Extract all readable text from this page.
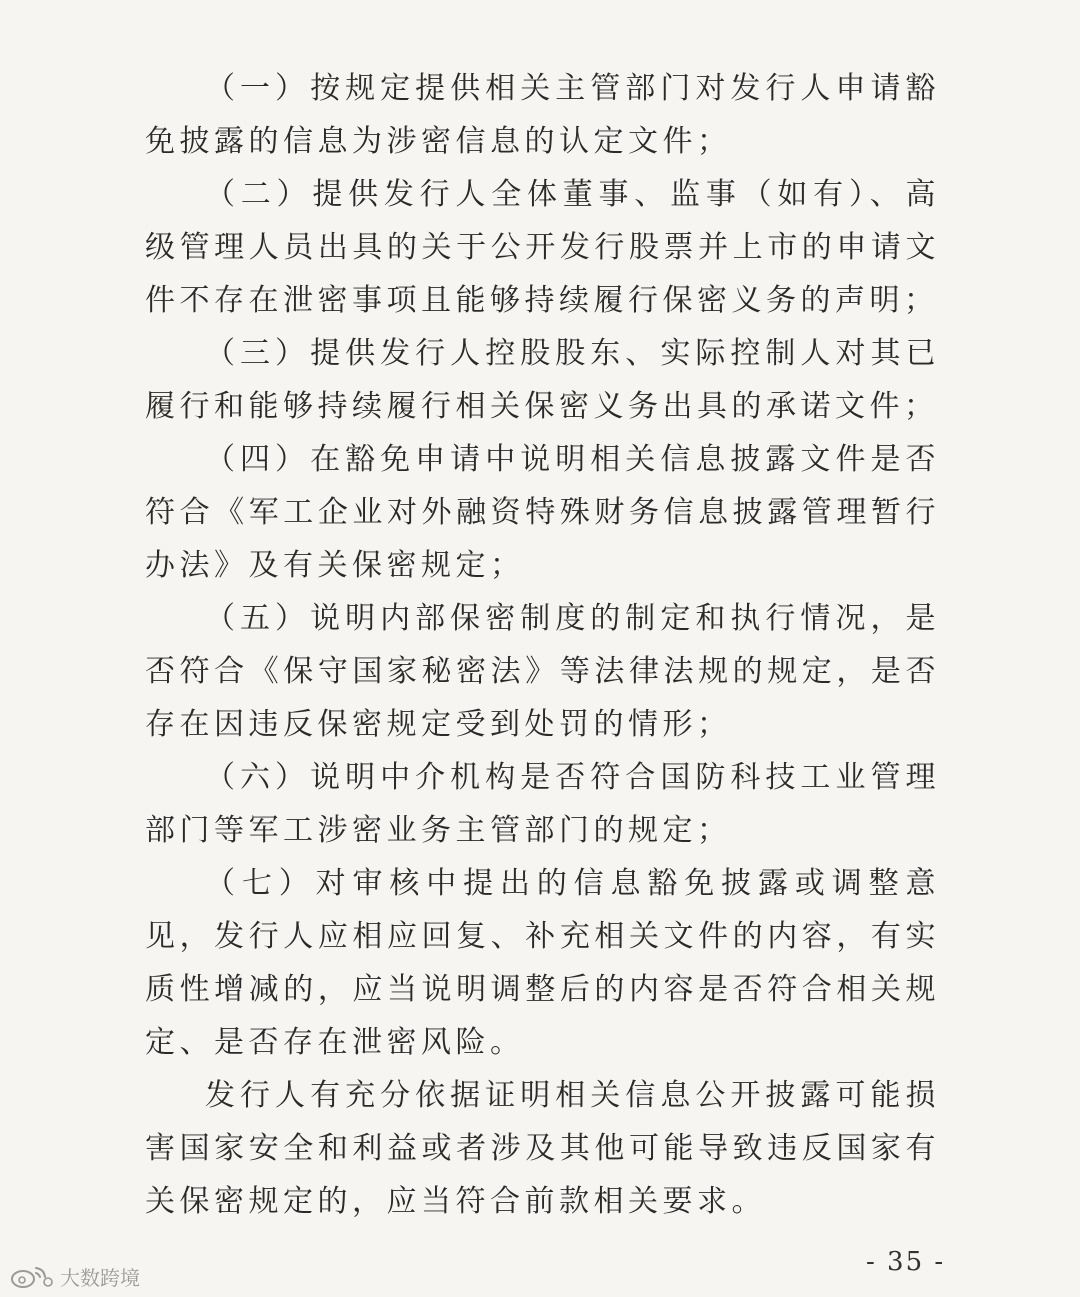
（一）按规定提供相关主管部门对发行人申请豁免披露的信息为涉密信息的认定文件；

（二）提供发行人全体董事、监事（如有）、高级管理人员出具的关于公开发行股票并上市的申请文件不存在泄密事项且能够持续履行保密义务的声明；

（三）提供发行人控股股东、实际控制人对其已履行和能够持续履行相关保密义务出具的承诺文件；

（四）在豁免申请中说明相关信息披露文件是否符合《军工企业对外融资特殊财务信息披露管理暂行办法》及有关保密规定；

（五）说明内部保密制度的制定和执行情况，是否符合《保守国家秘密法》等法律法规的规定，是否存在因违反保密规定受到处罚的情形；

（六）说明中介机构是否符合国防科技工业管理部门等军工涉密业务主管部门的规定；

（七）对审核中提出的信息豁免披露或调整意见，发行人应相应回复、补充相关文件的内容，有实质性增减的，应当说明调整后的内容是否符合相关规定、是否存在泄密风险。

发行人有充分依据证明相关信息公开披露可能损害国家安全和利益或者涉及其他可能导致违反国家有关保密规定的，应当符合前款相关要求。

- 35 -
大数跨境
